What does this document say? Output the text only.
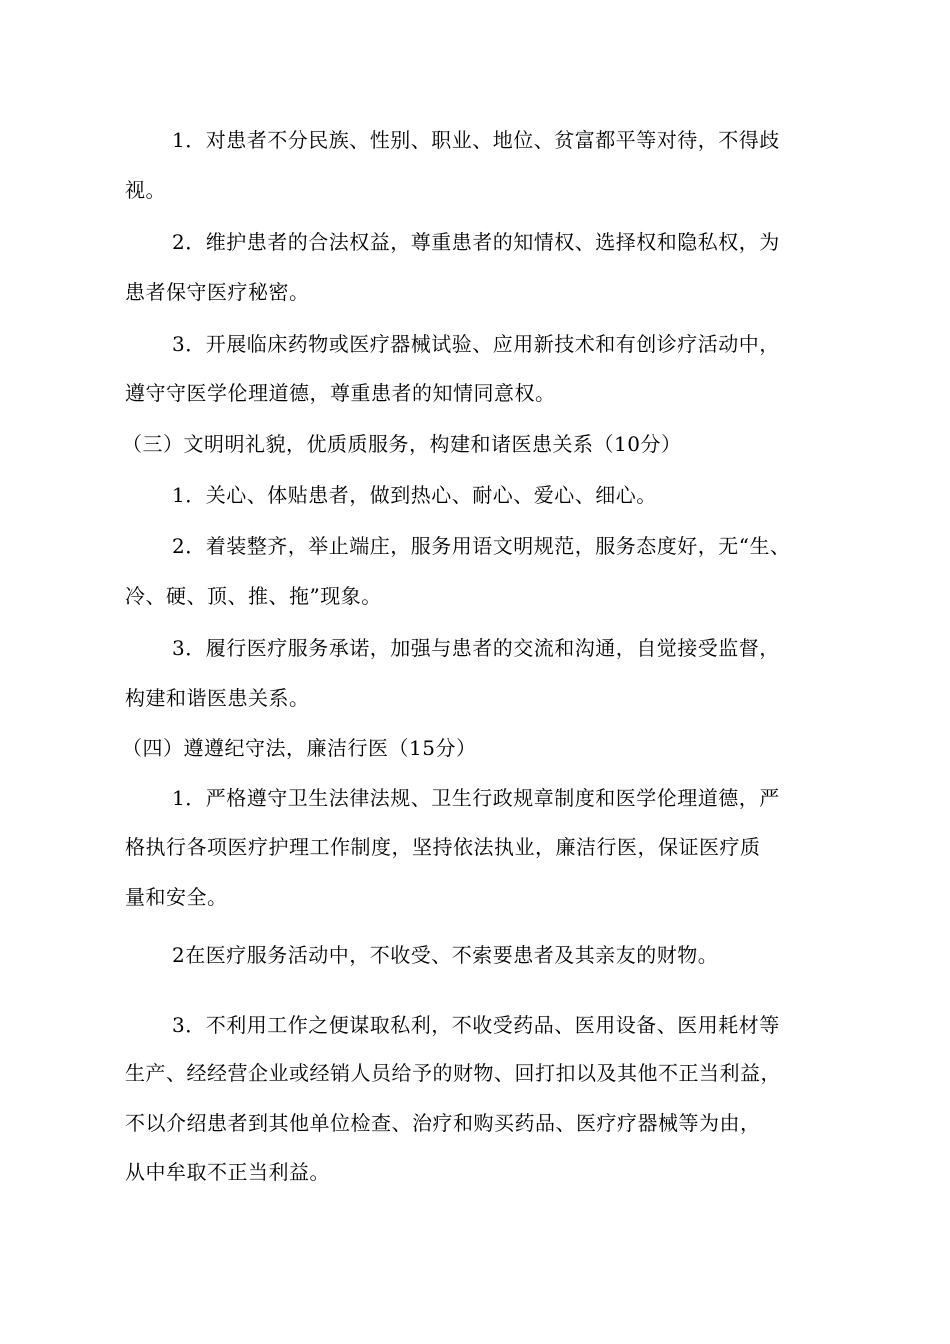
1．对患者不分民族、性别、职业、地位、贫富都平等对待，不得歧
视。
2．维护患者的合法权益，尊重患者的知情权、选择权和隐私权，为
患者保守医疗秘密。
3．开展临床药物或医疗器械试验、应用新技术和有创诊疗活动中，
遵守守医学伦理道德，尊重患者的知情同意权。
（三）文明明礼貌，优质质服务，构建和诸医患关系（10分）
1．关心、体贴患者，做到热心、耐心、爱心、细心。
2．着装整齐，举止端庄，服务用语文明规范，服务态度好，无“生、
冷、硬、顶、推、拖”现象。
3．履行医疗服务承诺，加强与患者的交流和沟通，自觉接受监督，
构建和谐医患关系。
（四）遵遵纪守法，廉洁行医（15分）
1．严格遵守卫生法律法规、卫生行政规章制度和医学伦理道德，严
格执行各项医疗护理工作制度，坚持依法执业，廉洁行医，保证医疗质
量和安全。
2在医疗服务活动中，不收受、不索要患者及其亲友的财物。
3．不利用工作之便谋取私利，不收受药品、医用设备、医用耗材等
生产、经经营企业或经销人员给予的财物、回打扣以及其他不正当利益，
不以介绍患者到其他单位检查、治疗和购买药品、医疗疗器械等为由，
从中牟取不正当利益。
